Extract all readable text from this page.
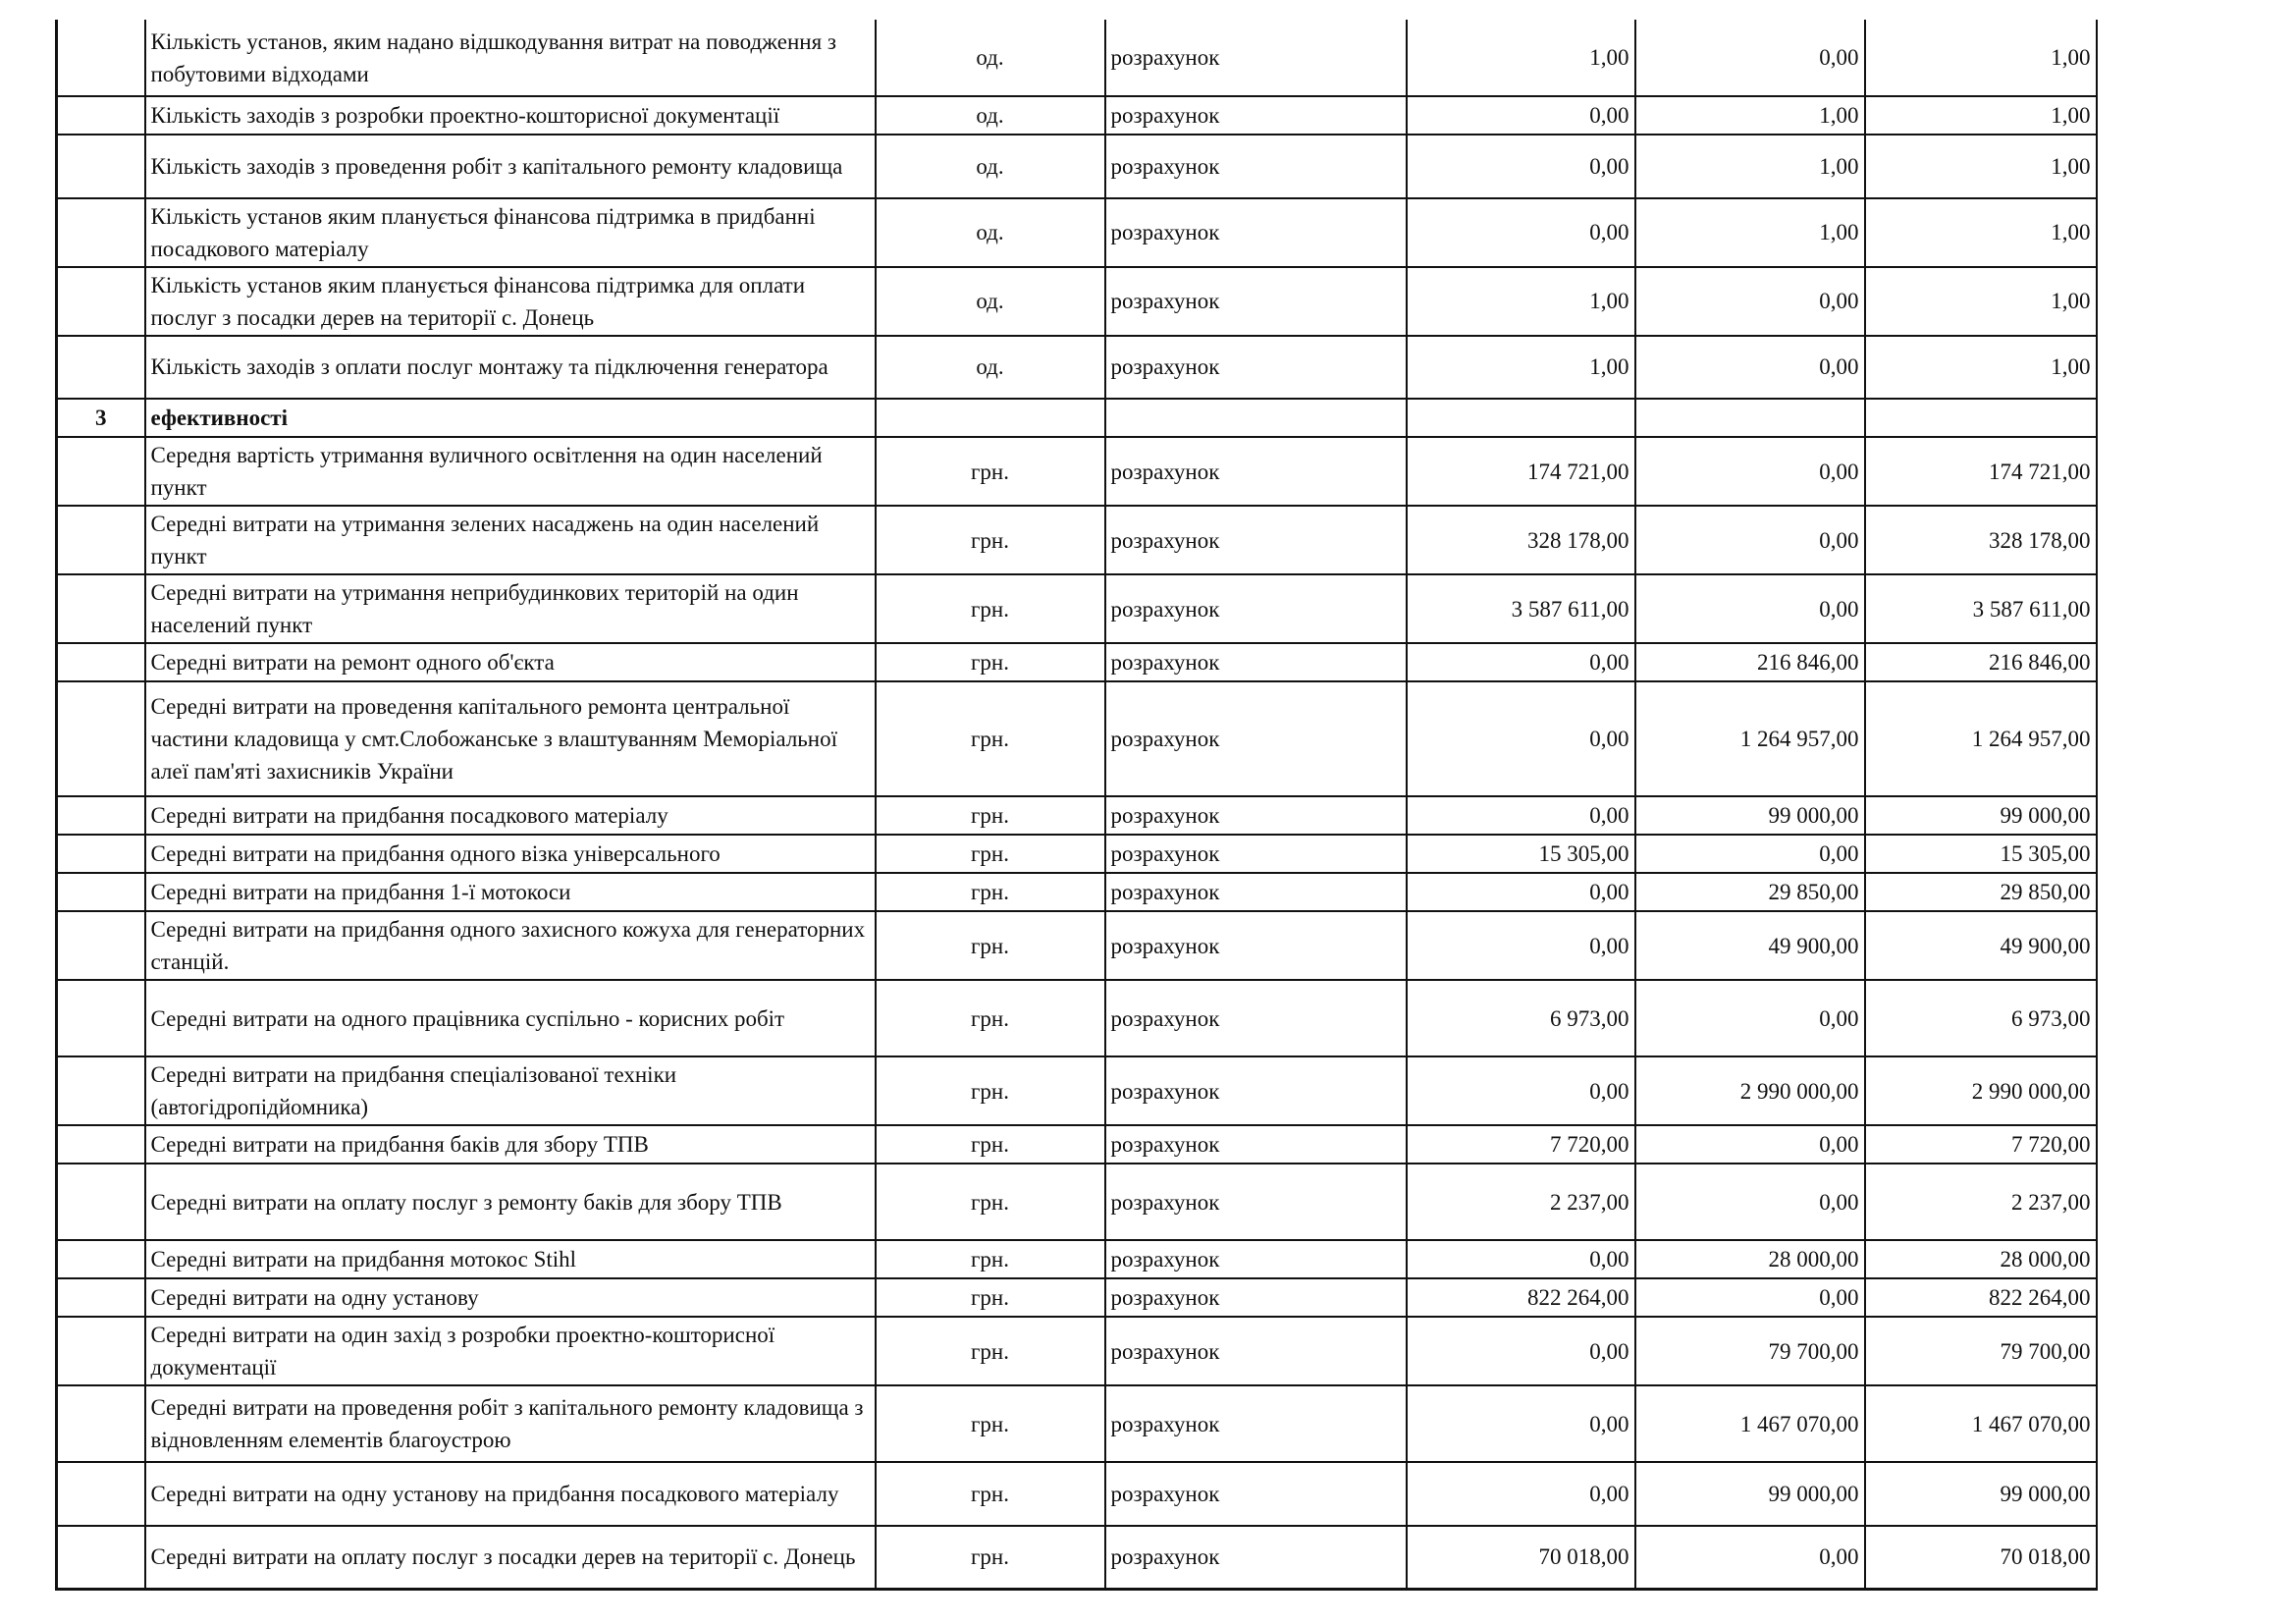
	Кількість установ, яким надано відшкодування витрат на поводження з побутовими відходами	од.	розрахунок	1,00	0,00	1,00
	Кількість заходів з розробки проектно-кошторисної документації	од.	розрахунок	0,00	1,00	1,00
	Кількість заходів з проведення робіт з капітального ремонту кладовища	од.	розрахунок	0,00	1,00	1,00
	Кількість установ яким планується фінансова підтримка в придбанні посадкового матеріалу	од.	розрахунок	0,00	1,00	1,00
	Кількість установ яким планується фінансова підтримка для оплати послуг з посадки дерев на території с. Донець	од.	розрахунок	1,00	0,00	1,00
	Кількість заходів з оплати послуг монтажу та підключення генератора	од.	розрахунок	1,00	0,00	1,00
3	ефективності					
	Середня вартість утримання вуличного освітлення на один населений пункт	грн.	розрахунок	174 721,00	0,00	174 721,00
	Середні витрати на утримання зелених насаджень на один населений пункт	грн.	розрахунок	328 178,00	0,00	328 178,00
	Середні витрати на утримання неприбудинкових територій на один населений пункт	грн.	розрахунок	3 587 611,00	0,00	3 587 611,00
	Середні витрати на ремонт одного об'єкта	грн.	розрахунок	0,00	216 846,00	216 846,00
	Середні витрати на проведення капітального ремонта центральної частини кладовища у смт.Слобожанське з влаштуванням Меморіальної алеї пам'яті захисників України	грн.	розрахунок	0,00	1 264 957,00	1 264 957,00
	Середні витрати на придбання посадкового матеріалу	грн.	розрахунок	0,00	99 000,00	99 000,00
	Середні витрати на придбання одного візка універсального	грн.	розрахунок	15 305,00	0,00	15 305,00
	Середні витрати на придбання 1-ї мотокоси	грн.	розрахунок	0,00	29 850,00	29 850,00
	Середні витрати на придбання одного захисного кожуха для генераторних станцій.	грн.	розрахунок	0,00	49 900,00	49 900,00
	Середні витрати на одного працівника суспільно - корисних робіт	грн.	розрахунок	6 973,00	0,00	6 973,00
	Середні витрати на придбання спеціалізованої техніки (автогідропідйомника)	грн.	розрахунок	0,00	2 990 000,00	2 990 000,00
	Середні витрати на придбання баків для збору ТПВ	грн.	розрахунок	7 720,00	0,00	7 720,00
	Середні витрати на оплату послуг з ремонту баків для збору ТПВ	грн.	розрахунок	2 237,00	0,00	2 237,00
	Середні витрати на придбання мотокос Stihl	грн.	розрахунок	0,00	28 000,00	28 000,00
	Середні витрати на одну установу	грн.	розрахунок	822 264,00	0,00	822 264,00
	Середні витрати на один захід з розробки проектно-кошторисної документації	грн.	розрахунок	0,00	79 700,00	79 700,00
	Середні витрати на проведення робіт з капітального ремонту кладовища з відновленням елементів благоустрою	грн.	розрахунок	0,00	1 467 070,00	1 467 070,00
	Середні витрати на одну установу на придбання посадкового матеріалу	грн.	розрахунок	0,00	99 000,00	99 000,00
	Середні витрати на оплату послуг з посадки дерев на території с. Донець	грн.	розрахунок	70 018,00	0,00	70 018,00
